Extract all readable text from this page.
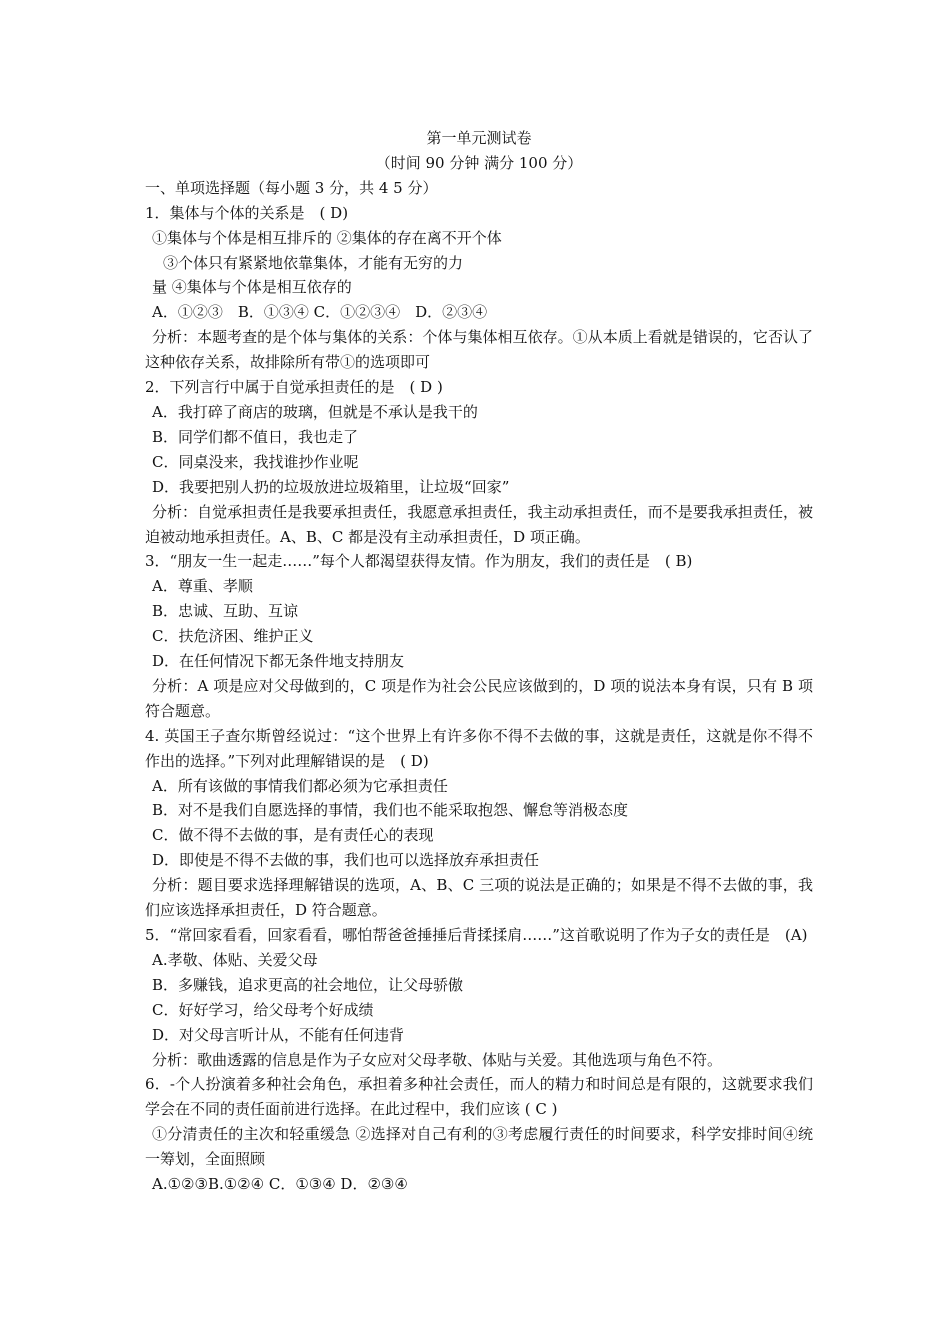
第一单元测试卷
（时间 90 分钟 满分 100 分）
一、单项选择题（每小题 3 分，共 4 5 分）
1．集体与个体的关系是　( D)
①集体与个体是相互排斥的 ②集体的存在离不开个体
③个体只有紧紧地依靠集体，才能有无穷的力
量 ④集体与个体是相互依存的
A．①②③　B．①③④ C．①②③④　D．②③④
分析：本题考查的是个体与集体的关系：个体与集体相互依存。①从本质上看就是错误的，它否认了这种依存关系，故排除所有带①的选项即可
2．下列言行中属于自觉承担责任的是　( D )
A．我打碎了商店的玻璃，但就是不承认是我干的
B．同学们都不值日，我也走了
C．同桌没来，我找谁抄作业呢
D．我要把别人扔的垃圾放进垃圾箱里，让垃圾“回家”
分析：自觉承担责任是我要承担责任，我愿意承担责任，我主动承担责任，而不是要我承担责任，被迫被动地承担责任。A、B、C 都是没有主动承担责任，D 项正确。
3．“朋友一生一起走……”每个人都渴望获得友情。作为朋友，我们的责任是　( B)
A．尊重、孝顺
B．忠诚、互助、互谅
C．扶危济困、维护正义
D．在任何情况下都无条件地支持朋友
分析：A 项是应对父母做到的，C 项是作为社会公民应该做到的，D 项的说法本身有误，只有 B 项符合题意。
4. 英国王子查尔斯曾经说过：“这个世界上有许多你不得不去做的事，这就是责任，这就是你不得不作出的选择。”下列对此理解错误的是　( D)
A．所有该做的事情我们都必须为它承担责任
B．对不是我们自愿选择的事情，我们也不能采取抱怨、懈怠等消极态度
C．做不得不去做的事，是有责任心的表现
D．即使是不得不去做的事，我们也可以选择放弃承担责任
分析：题目要求选择理解错误的选项，A、B、C 三项的说法是正确的；如果是不得不去做的事，我们应该选择承担责任，D 符合题意。
5．“常回家看看，回家看看，哪怕帮爸爸捶捶后背揉揉肩……”这首歌说明了作为子女的责任是　(A)
A.孝敬、体贴、关爱父母
B．多赚钱，追求更高的社会地位，让父母骄傲
C．好好学习，给父母考个好成绩
D．对父母言听计从，不能有任何违背
分析：歌曲透露的信息是作为子女应对父母孝敬、体贴与关爱。其他选项与角色不符。
6．-个人扮演着多种社会角色，承担着多种社会责任，而人的精力和时间总是有限的，这就要求我们学会在不同的责任面前进行选择。在此过程中，我们应该 ( C )
①分清责任的主次和轻重缓急 ②选择对自己有利的③考虑履行责任的时间要求，科学安排时间④统一筹划，全面照顾
A.①②③B.①②④ C．①③④ D．②③④
